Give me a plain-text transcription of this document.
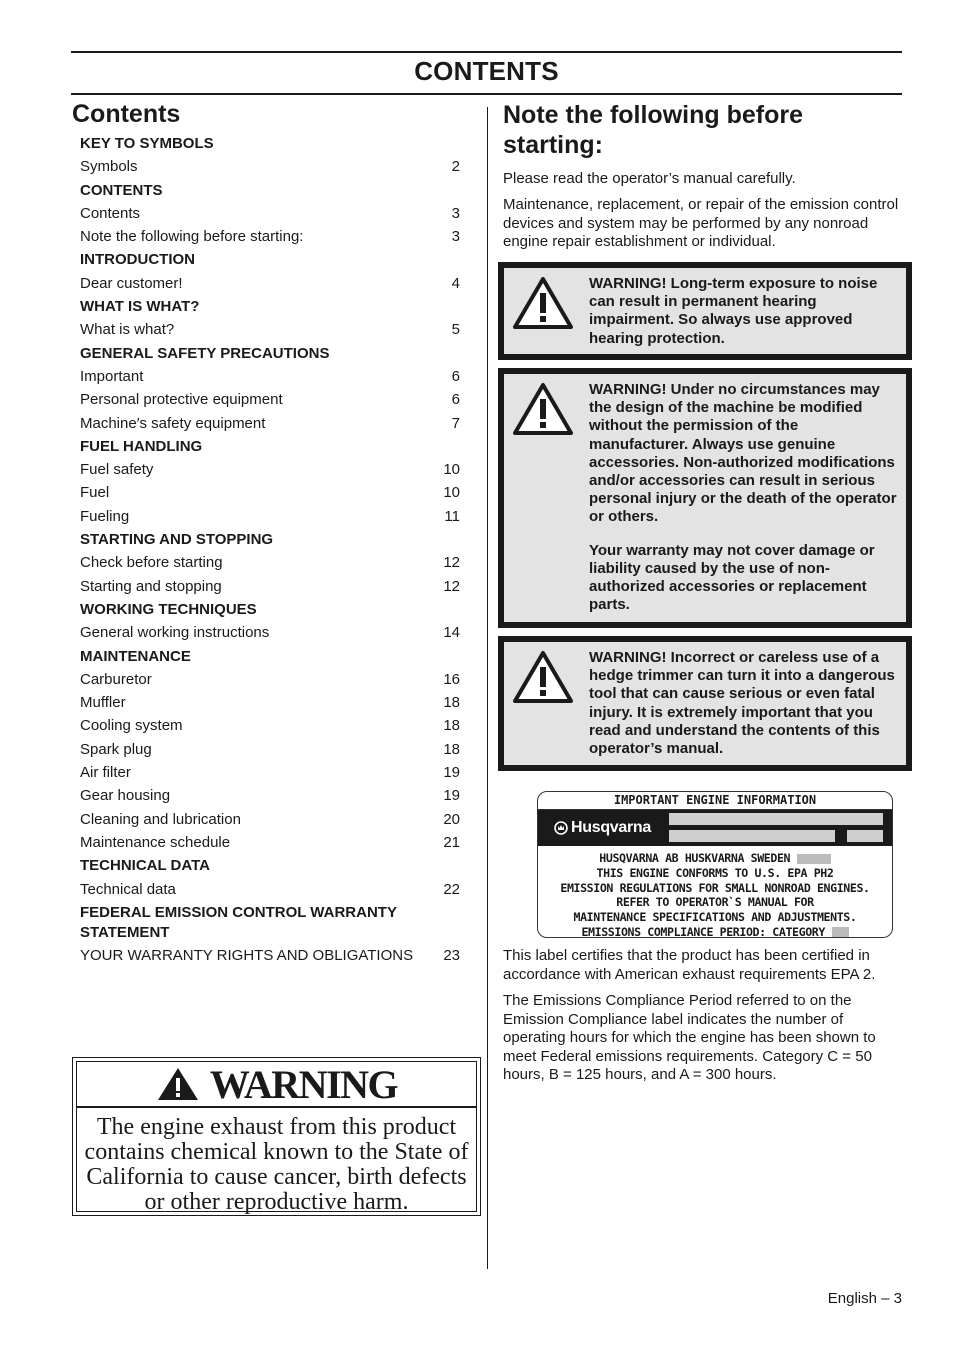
CONTENTS
Contents
KEY TO SYMBOLS
Symbols	2
CONTENTS
Contents	3
Note the following before starting:	3
INTRODUCTION
Dear customer!	4
WHAT IS WHAT?
What is what?	5
GENERAL SAFETY PRECAUTIONS
Important	6
Personal protective equipment	6
Machine′s safety equipment	7
FUEL HANDLING
Fuel safety	10
Fuel	10
Fueling	11
STARTING AND STOPPING
Check before starting	12
Starting and stopping	12
WORKING TECHNIQUES
General working instructions	14
MAINTENANCE
Carburetor	16
Muffler	18
Cooling system	18
Spark plug	18
Air filter	19
Gear housing	19
Cleaning and lubrication	20
Maintenance schedule	21
TECHNICAL DATA
Technical data	22
FEDERAL EMISSION CONTROL WARRANTY STATEMENT
YOUR WARRANTY RIGHTS AND OBLIGATIONS	23
WARNING
The engine exhaust from this product contains chemical known to the State of California to cause cancer, birth defects or other reproductive harm.
Note the following before starting:

Please read the operator’s manual carefully.

Maintenance, replacement, or repair of the emission control devices and system may be performed by any nonroad engine repair establishment or individual.

WARNING! Long-term exposure to noise can result in permanent hearing impairment. So always use approved hearing protection.

WARNING! Under no circumstances may the design of the machine be modified without the permission of the manufacturer. Always use genuine accessories. Non-authorized modifications and/or accessories can result in serious personal injury or the death of the operator or others.

Your warranty may not cover damage or liability caused by the use of non-authorized accessories or replacement parts.

WARNING! Incorrect or careless use of a hedge trimmer can turn it into a dangerous tool that can cause serious or even fatal injury. It is extremely important that you read and understand the contents of this operator’s manual.

IMPORTANT ENGINE INFORMATION
Husqvarna
HUSQVARNA AB HUSKVARNA SWEDEN
THIS ENGINE CONFORMS TO U.S. EPA PH2
EMISSION REGULATIONS FOR SMALL NONROAD ENGINES.
REFER TO OPERATOR`S MANUAL FOR
MAINTENANCE SPECIFICATIONS AND ADJUSTMENTS.
EMISSIONS COMPLIANCE PERIOD: CATEGORY

This label certifies that the product has been certified in accordance with American exhaust requirements EPA 2.

The Emissions Compliance Period referred to on the Emission Compliance label indicates the number of operating hours for which the engine has been shown to meet Federal emissions requirements. Category C = 50 hours, B = 125 hours, and A = 300 hours.

English – 3
